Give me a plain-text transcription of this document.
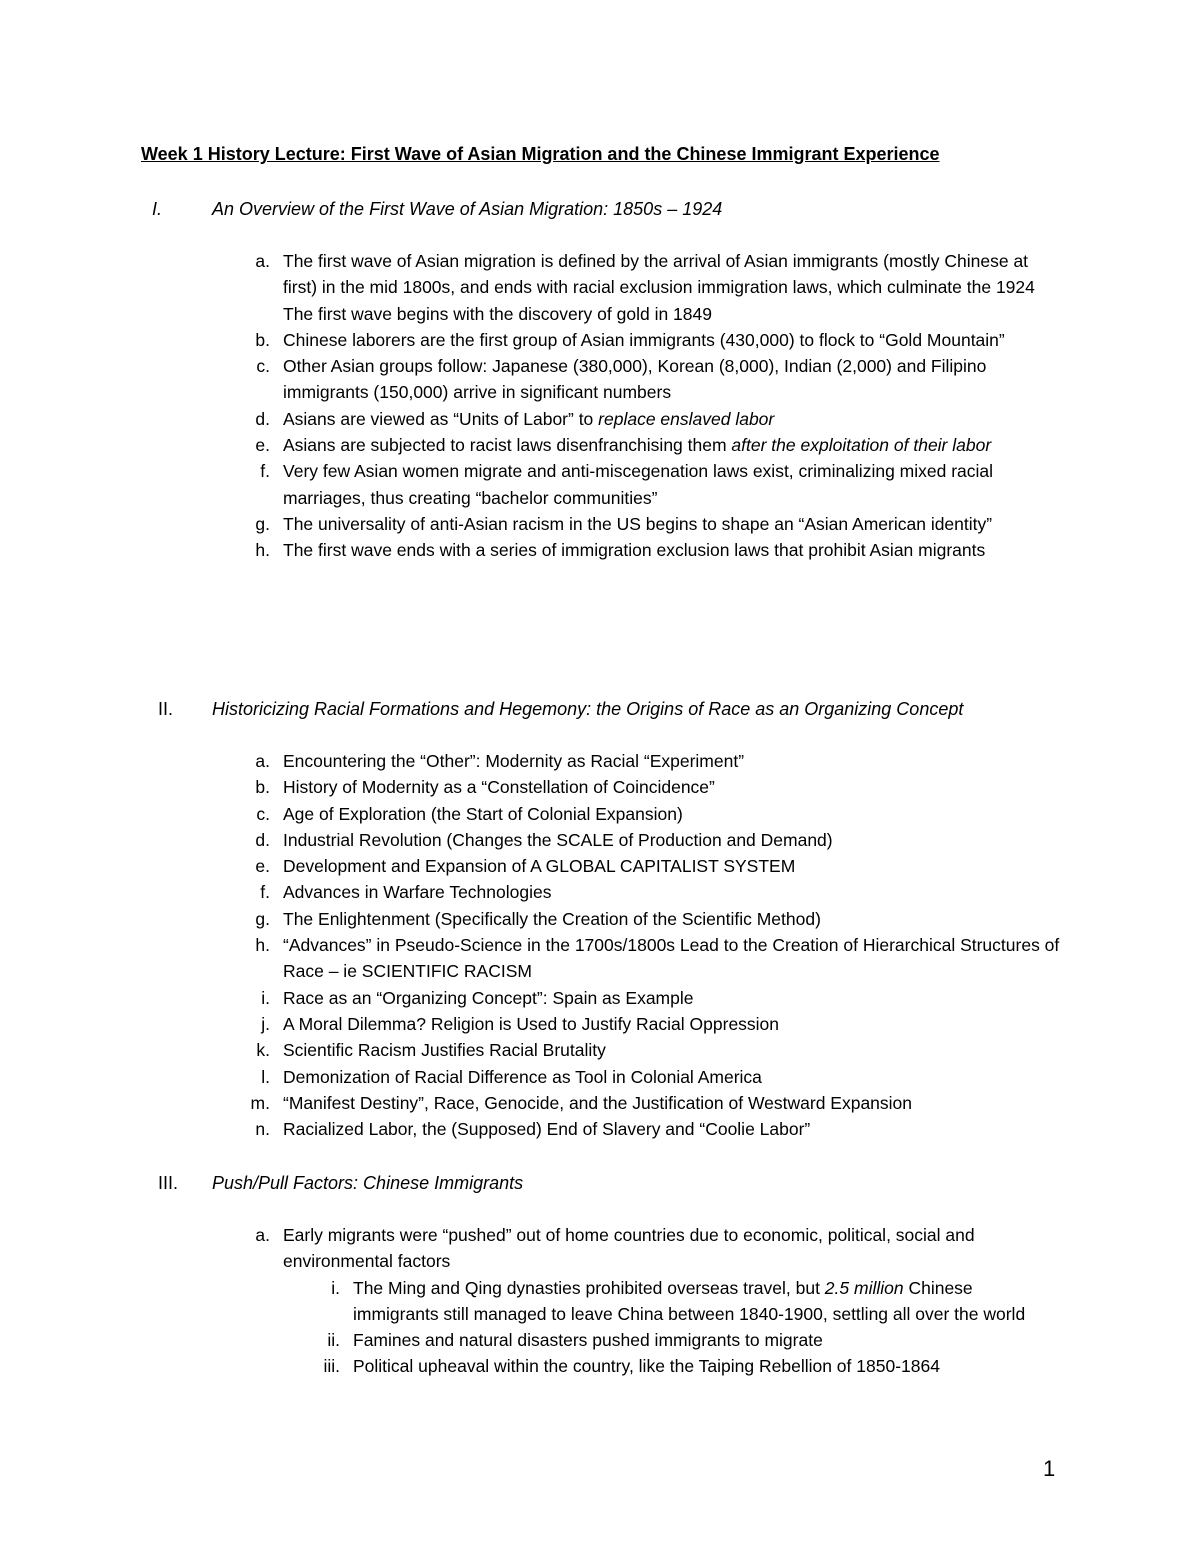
Week 1 History Lecture: First Wave of Asian Migration and the Chinese Immigrant Experience
I.	An Overview of the First Wave of Asian Migration: 1850s – 1924
a. The first wave of Asian migration is defined by the arrival of Asian immigrants (mostly Chinese at first) in the mid 1800s, and ends with racial exclusion immigration laws, which culminate the 1924 The first wave begins with the discovery of gold in 1849
b. Chinese laborers are the first group of Asian immigrants (430,000) to flock to “Gold Mountain”
c. Other Asian groups follow: Japanese (380,000), Korean (8,000), Indian (2,000) and Filipino immigrants (150,000) arrive in significant numbers
d. Asians are viewed as “Units of Labor” to replace enslaved labor
e. Asians are subjected to racist laws disenfranchising them after the exploitation of their labor
f. Very few Asian women migrate and anti-miscegenation laws exist, criminalizing mixed racial marriages, thus creating “bachelor communities”
g. The universality of anti-Asian racism in the US begins to shape an “Asian American identity”
h. The first wave ends with a series of immigration exclusion laws that prohibit Asian migrants
II.	Historicizing Racial Formations and Hegemony: the Origins of Race as an Organizing Concept
a. Encountering the “Other”: Modernity as Racial “Experiment”
b. History of Modernity as a “Constellation of Coincidence”
c. Age of Exploration (the Start of Colonial Expansion)
d. Industrial Revolution (Changes the SCALE of Production and Demand)
e. Development and Expansion of A GLOBAL CAPITALIST SYSTEM
f. Advances in Warfare Technologies
g. The Enlightenment (Specifically the Creation of the Scientific Method)
h. “Advances” in Pseudo-Science in the 1700s/1800s Lead to the Creation of Hierarchical Structures of Race – ie SCIENTIFIC RACISM
i. Race as an “Organizing Concept”: Spain as Example
j. A Moral Dilemma? Religion is Used to Justify Racial Oppression
k. Scientific Racism Justifies Racial Brutality
l. Demonization of Racial Difference as Tool in Colonial America
m. “Manifest Destiny”, Race, Genocide, and the Justification of Westward Expansion
n. Racialized Labor, the (Supposed) End of Slavery and “Coolie Labor”
III.	Push/Pull Factors: Chinese Immigrants
a. Early migrants were “pushed” out of home countries due to economic, political, social and environmental factors
i. The Ming and Qing dynasties prohibited overseas travel, but 2.5 million Chinese immigrants still managed to leave China between 1840-1900, settling all over the world
ii. Famines and natural disasters pushed immigrants to migrate
iii. Political upheaval within the country, like the Taiping Rebellion of 1850-1864
1
